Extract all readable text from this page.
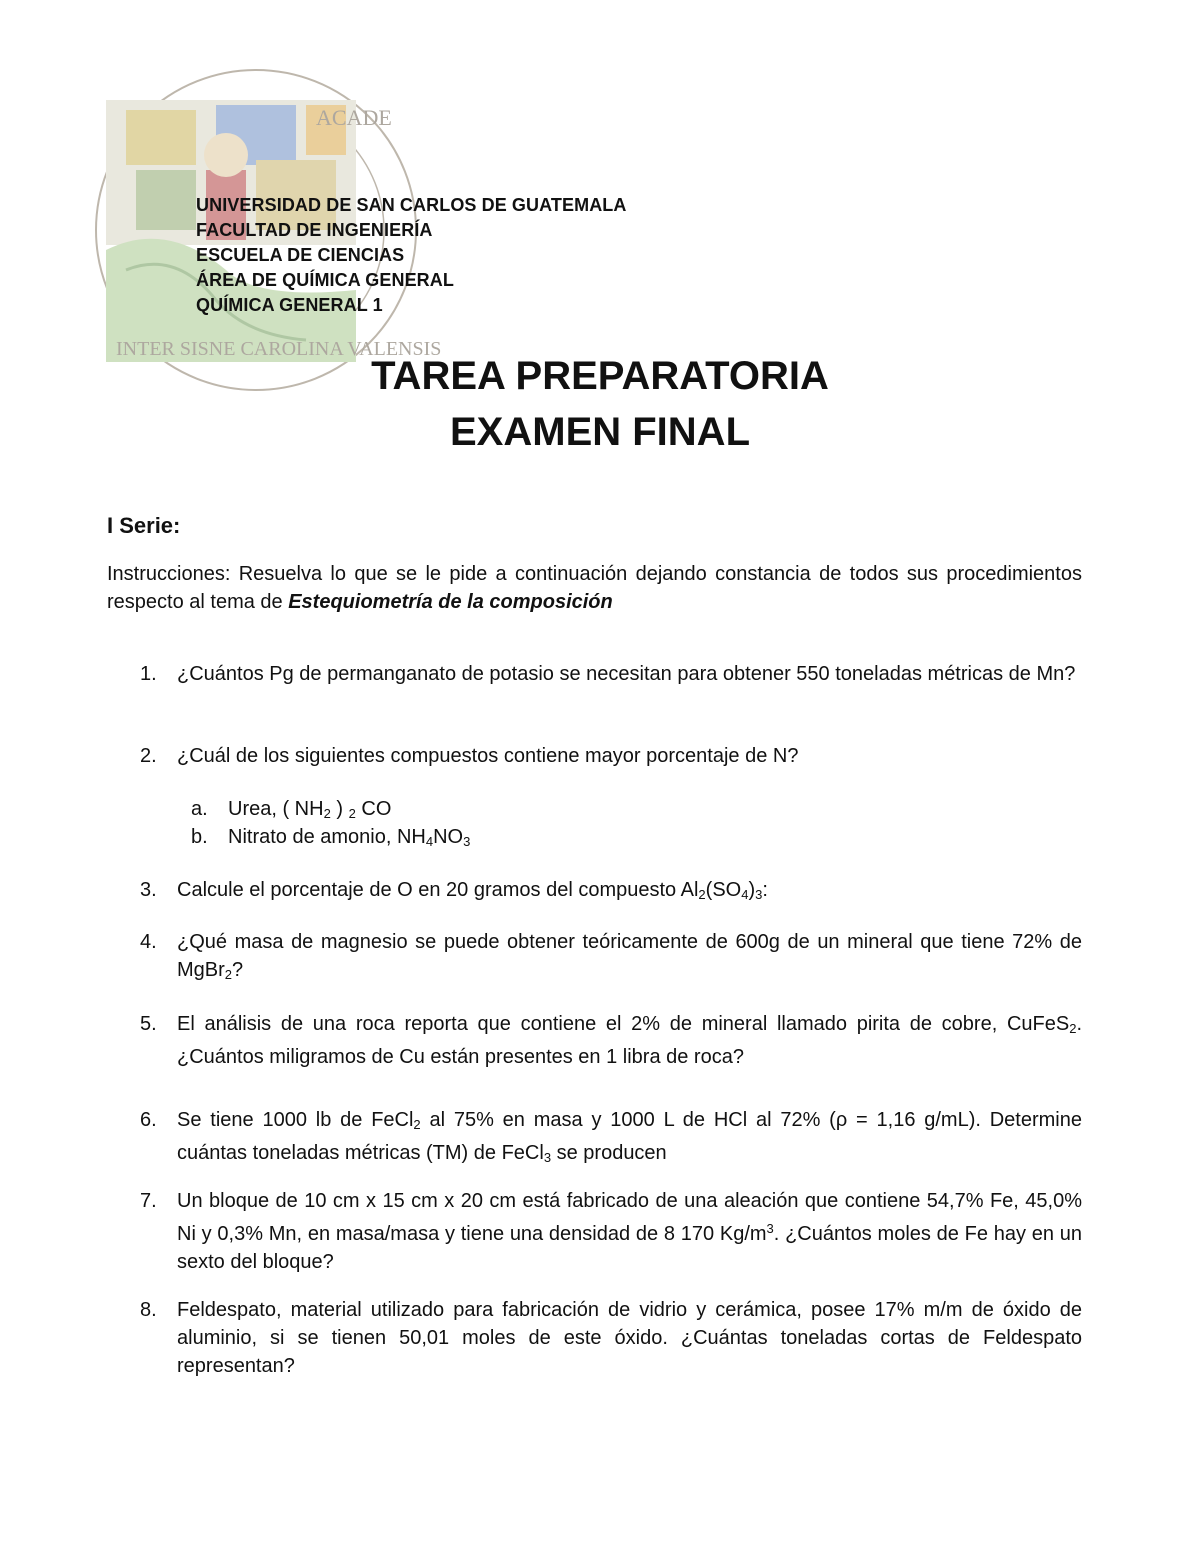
ACADE
INTER SISNE CAROLINA VALENSIS
UNIVERSIDAD DE SAN CARLOS DE GUATEMALA
FACULTAD DE INGENIERÍA
ESCUELA DE CIENCIAS
ÁREA DE QUÍMICA GENERAL
QUÍMICA GENERAL 1
TAREA PREPARATORIA
EXAMEN FINAL
I Serie:
Instrucciones: Resuelva lo que se le pide a continuación dejando constancia de todos sus procedimientos respecto al tema de Estequiometría de la composición
1.	¿Cuántos Pg de permanganato de potasio se necesitan para obtener 550 toneladas métricas de Mn?
2.	¿Cuál de los siguientes compuestos contiene mayor porcentaje de N?
a. Urea, ( $NH_2$ ) $_2$ CO
b. Nitrato de amonio, $NH_4NO_3$
3.	Calcule el porcentaje de O en 20 gramos del compuesto $Al_2(SO_4)_3$:
4.	¿Qué masa de magnesio se puede obtener teóricamente de 600g de un mineral que tiene 72% de MgBr$_2$?
5.	El análisis de una roca reporta que contiene el 2% de mineral llamado pirita de cobre, CuFeS$_2$. ¿Cuántos miligramos de Cu están presentes en 1 libra de roca?
6.	Se tiene 1000 lb de FeCl$_2$ al 75% en masa y 1000 L de HCl al 72% (ρ = 1,16 g/mL). Determine cuántas toneladas métricas (TM) de FeCl$_3$ se producen
7.	Un bloque de 10 cm x 15 cm x 20 cm está fabricado de una aleación que contiene 54,7% Fe, 45,0% Ni y 0,3% Mn, en masa/masa y tiene una densidad de 8 170 $Kg/m^3$. ¿Cuántos moles de Fe hay en un sexto del bloque?
8.	Feldespato, material utilizado para fabricación de vidrio y cerámica, posee 17% m/m de óxido de aluminio, si se tienen 50,01 moles de este óxido. ¿Cuántas toneladas cortas de Feldespato representan?
